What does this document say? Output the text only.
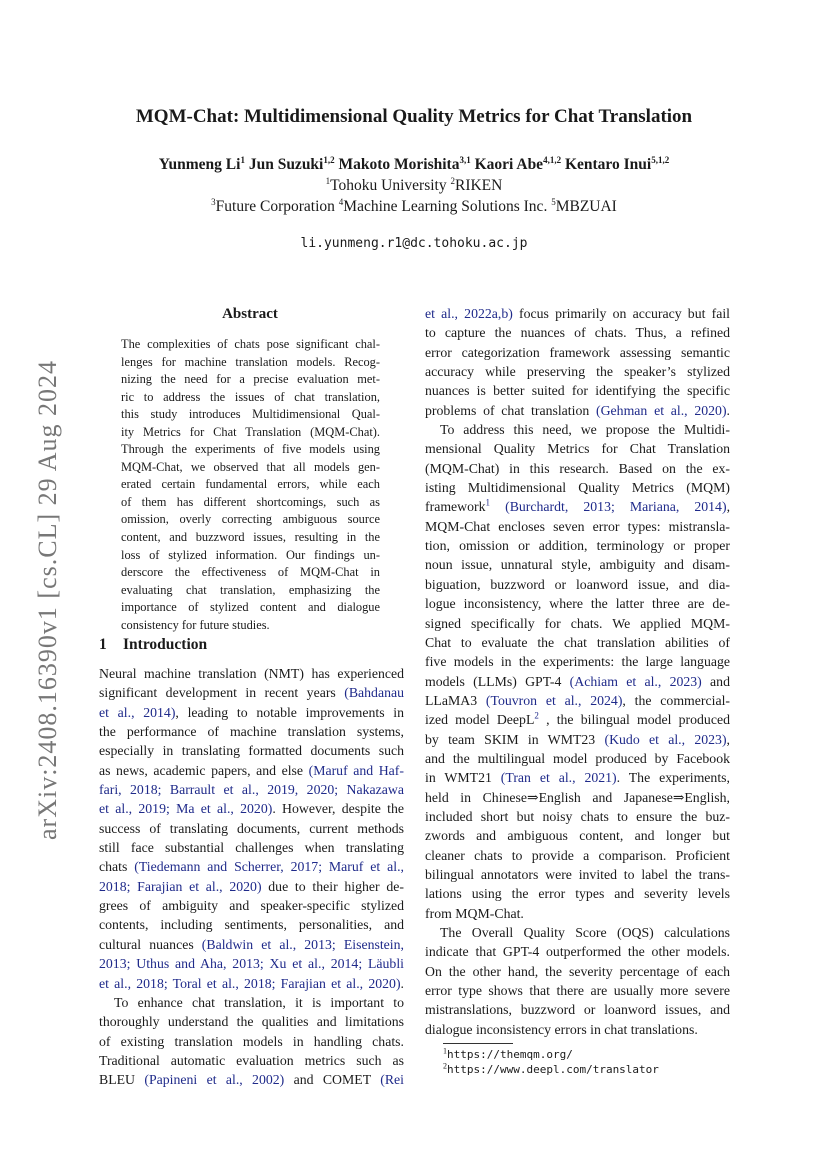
arXiv:2408.16390v1 [cs.CL] 29 Aug 2024
MQM-Chat: Multidimensional Quality Metrics for Chat Translation
Yunmeng Li$^1$ Jun Suzuki$^{1,2}$ Makoto Morishita$^{3,1}$ Kaori Abe$^{4,1,2}$ Kentaro Inui$^{5,1,2}$
$^1$Tohoku University $^2$RIKEN
$^3$Future Corporation $^4$Machine Learning Solutions Inc. $^5$MBZUAI
li.yunmeng.r1@dc.tohoku.ac.jp
Abstract
The complexities of chats pose significant chal-
lenges for machine translation models. Recog-
nizing the need for a precise evaluation met-
ric to address the issues of chat translation,
this study introduces Multidimensional Qual-
ity Metrics for Chat Translation (MQM-Chat).
Through the experiments of five models using
MQM-Chat, we observed that all models gen-
erated certain fundamental errors, while each
of them has different shortcomings, such as
omission, overly correcting ambiguous source
content, and buzzword issues, resulting in the
loss of stylized information. Our findings un-
derscore the effectiveness of MQM-Chat in
evaluating chat translation, emphasizing the
importance of stylized content and dialogue
consistency for future studies.
1 Introduction
Neural machine translation (NMT) has experienced
significant development in recent years (Bahdanau
et al., 2014), leading to notable improvements in
the performance of machine translation systems,
especially in translating formatted documents such
as news, academic papers, and else (Maruf and Haf-
fari, 2018; Barrault et al., 2019, 2020; Nakazawa
et al., 2019; Ma et al., 2020). However, despite the
success of translating documents, current methods
still face substantial challenges when translating
chats (Tiedemann and Scherrer, 2017; Maruf et al.,
2018; Farajian et al., 2020) due to their higher de-
grees of ambiguity and speaker-specific stylized
contents, including sentiments, personalities, and
cultural nuances (Baldwin et al., 2013; Eisenstein,
2013; Uthus and Aha, 2013; Xu et al., 2014; Läubli
et al., 2018; Toral et al., 2018; Farajian et al., 2020).
To enhance chat translation, it is important to
thoroughly understand the qualities and limitations
of existing translation models in handling chats.
Traditional automatic evaluation metrics such as
BLEU (Papineni et al., 2002) and COMET (Rei
et al., 2022a,b) focus primarily on accuracy but fail
to capture the nuances of chats. Thus, a refined
error categorization framework assessing semantic
accuracy while preserving the speaker’s stylized
nuances is better suited for identifying the specific
problems of chat translation (Gehman et al., 2020).
To address this need, we propose the Multidi-
mensional Quality Metrics for Chat Translation
(MQM-Chat) in this research. Based on the ex-
isting Multidimensional Quality Metrics (MQM)
framework$^1$ (Burchardt, 2013; Mariana, 2014),
MQM-Chat encloses seven error types: mistransla-
tion, omission or addition, terminology or proper
noun issue, unnatural style, ambiguity and disam-
biguation, buzzword or loanword issue, and dia-
logue inconsistency, where the latter three are de-
signed specifically for chats. We applied MQM-
Chat to evaluate the chat translation abilities of
five models in the experiments: the large language
models (LLMs) GPT-4 (Achiam et al., 2023) and
LLaMA3 (Touvron et al., 2024), the commercial-
ized model DeepL$^2$ , the bilingual model produced
by team SKIM in WMT23 (Kudo et al., 2023),
and the multilingual model produced by Facebook
in WMT21 (Tran et al., 2021). The experiments,
held in Chinese⇒English and Japanese⇒English,
included short but noisy chats to ensure the buz-
zwords and ambiguous content, and longer but
cleaner chats to provide a comparison. Proficient
bilingual annotators were invited to label the trans-
lations using the error types and severity levels
from MQM-Chat.
The Overall Quality Score (OQS) calculations
indicate that GPT-4 outperformed the other models.
On the other hand, the severity percentage of each
error type shows that there are usually more severe
mistranslations, buzzword or loanword issues, and
dialogue inconsistency errors in chat translations.
$^1$https://themqm.org/
$^2$https://www.deepl.com/translator
